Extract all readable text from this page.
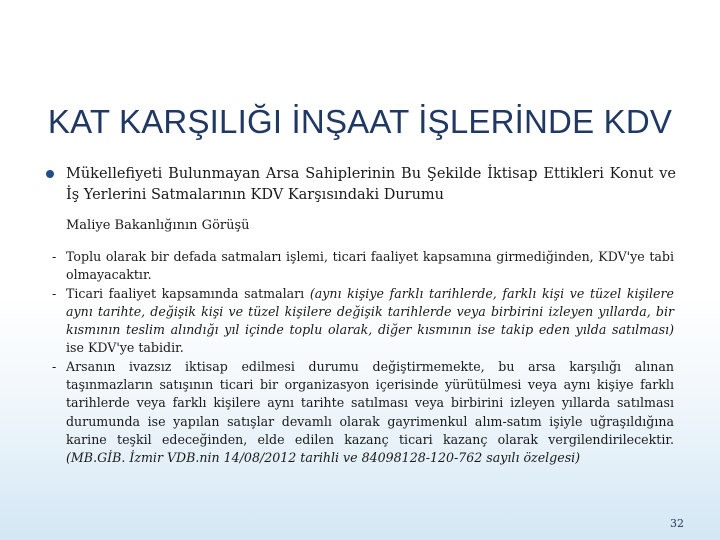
KAT KARŞILIĞI İNŞAAT İŞLERİNDE KDV
Mükellefiyeti Bulunmayan Arsa Sahiplerinin Bu Şekilde İktisap Ettikleri Konut ve İş Yerlerini Satmalarının KDV Karşısındaki Durumu
Maliye Bakanlığının Görüşü
- Toplu olarak bir defada satmaları işlemi, ticari faaliyet kapsamına girmediğinden, KDV'ye tabi olmayacaktır.
- Ticari faaliyet kapsamında satmaları (aynı kişiye farklı tarihlerde, farklı kişi ve tüzel kişilere aynı tarihte, değişik kişi ve tüzel kişilere değişik tarihlerde veya birbirini izleyen yıllarda, bir kısmının teslim alındığı yıl içinde toplu olarak, diğer kısmının ise takip eden yılda satılması) ise KDV'ye tabidir.
- Arsanın ivazsız iktisap edilmesi durumu değiştirmemekte, bu arsa karşılığı alınan taşınmazların satışının ticari bir organizasyon içerisinde yürütülmesi veya aynı kişiye farklı tarihlerde veya farklı kişilere aynı tarihte satılması veya birbirini izleyen yıllarda satılması durumunda ise yapılan satışlar devamlı olarak gayrimenkul alım-satım işiyle uğraşıldığına karine teşkil edeceğinden, elde edilen kazanç ticari kazanç olarak vergilendirilecektir. (MB.GİB. İzmir VDB.nin 14/08/2012 tarihli ve 84098128-120-762 sayılı özelgesi)
32
